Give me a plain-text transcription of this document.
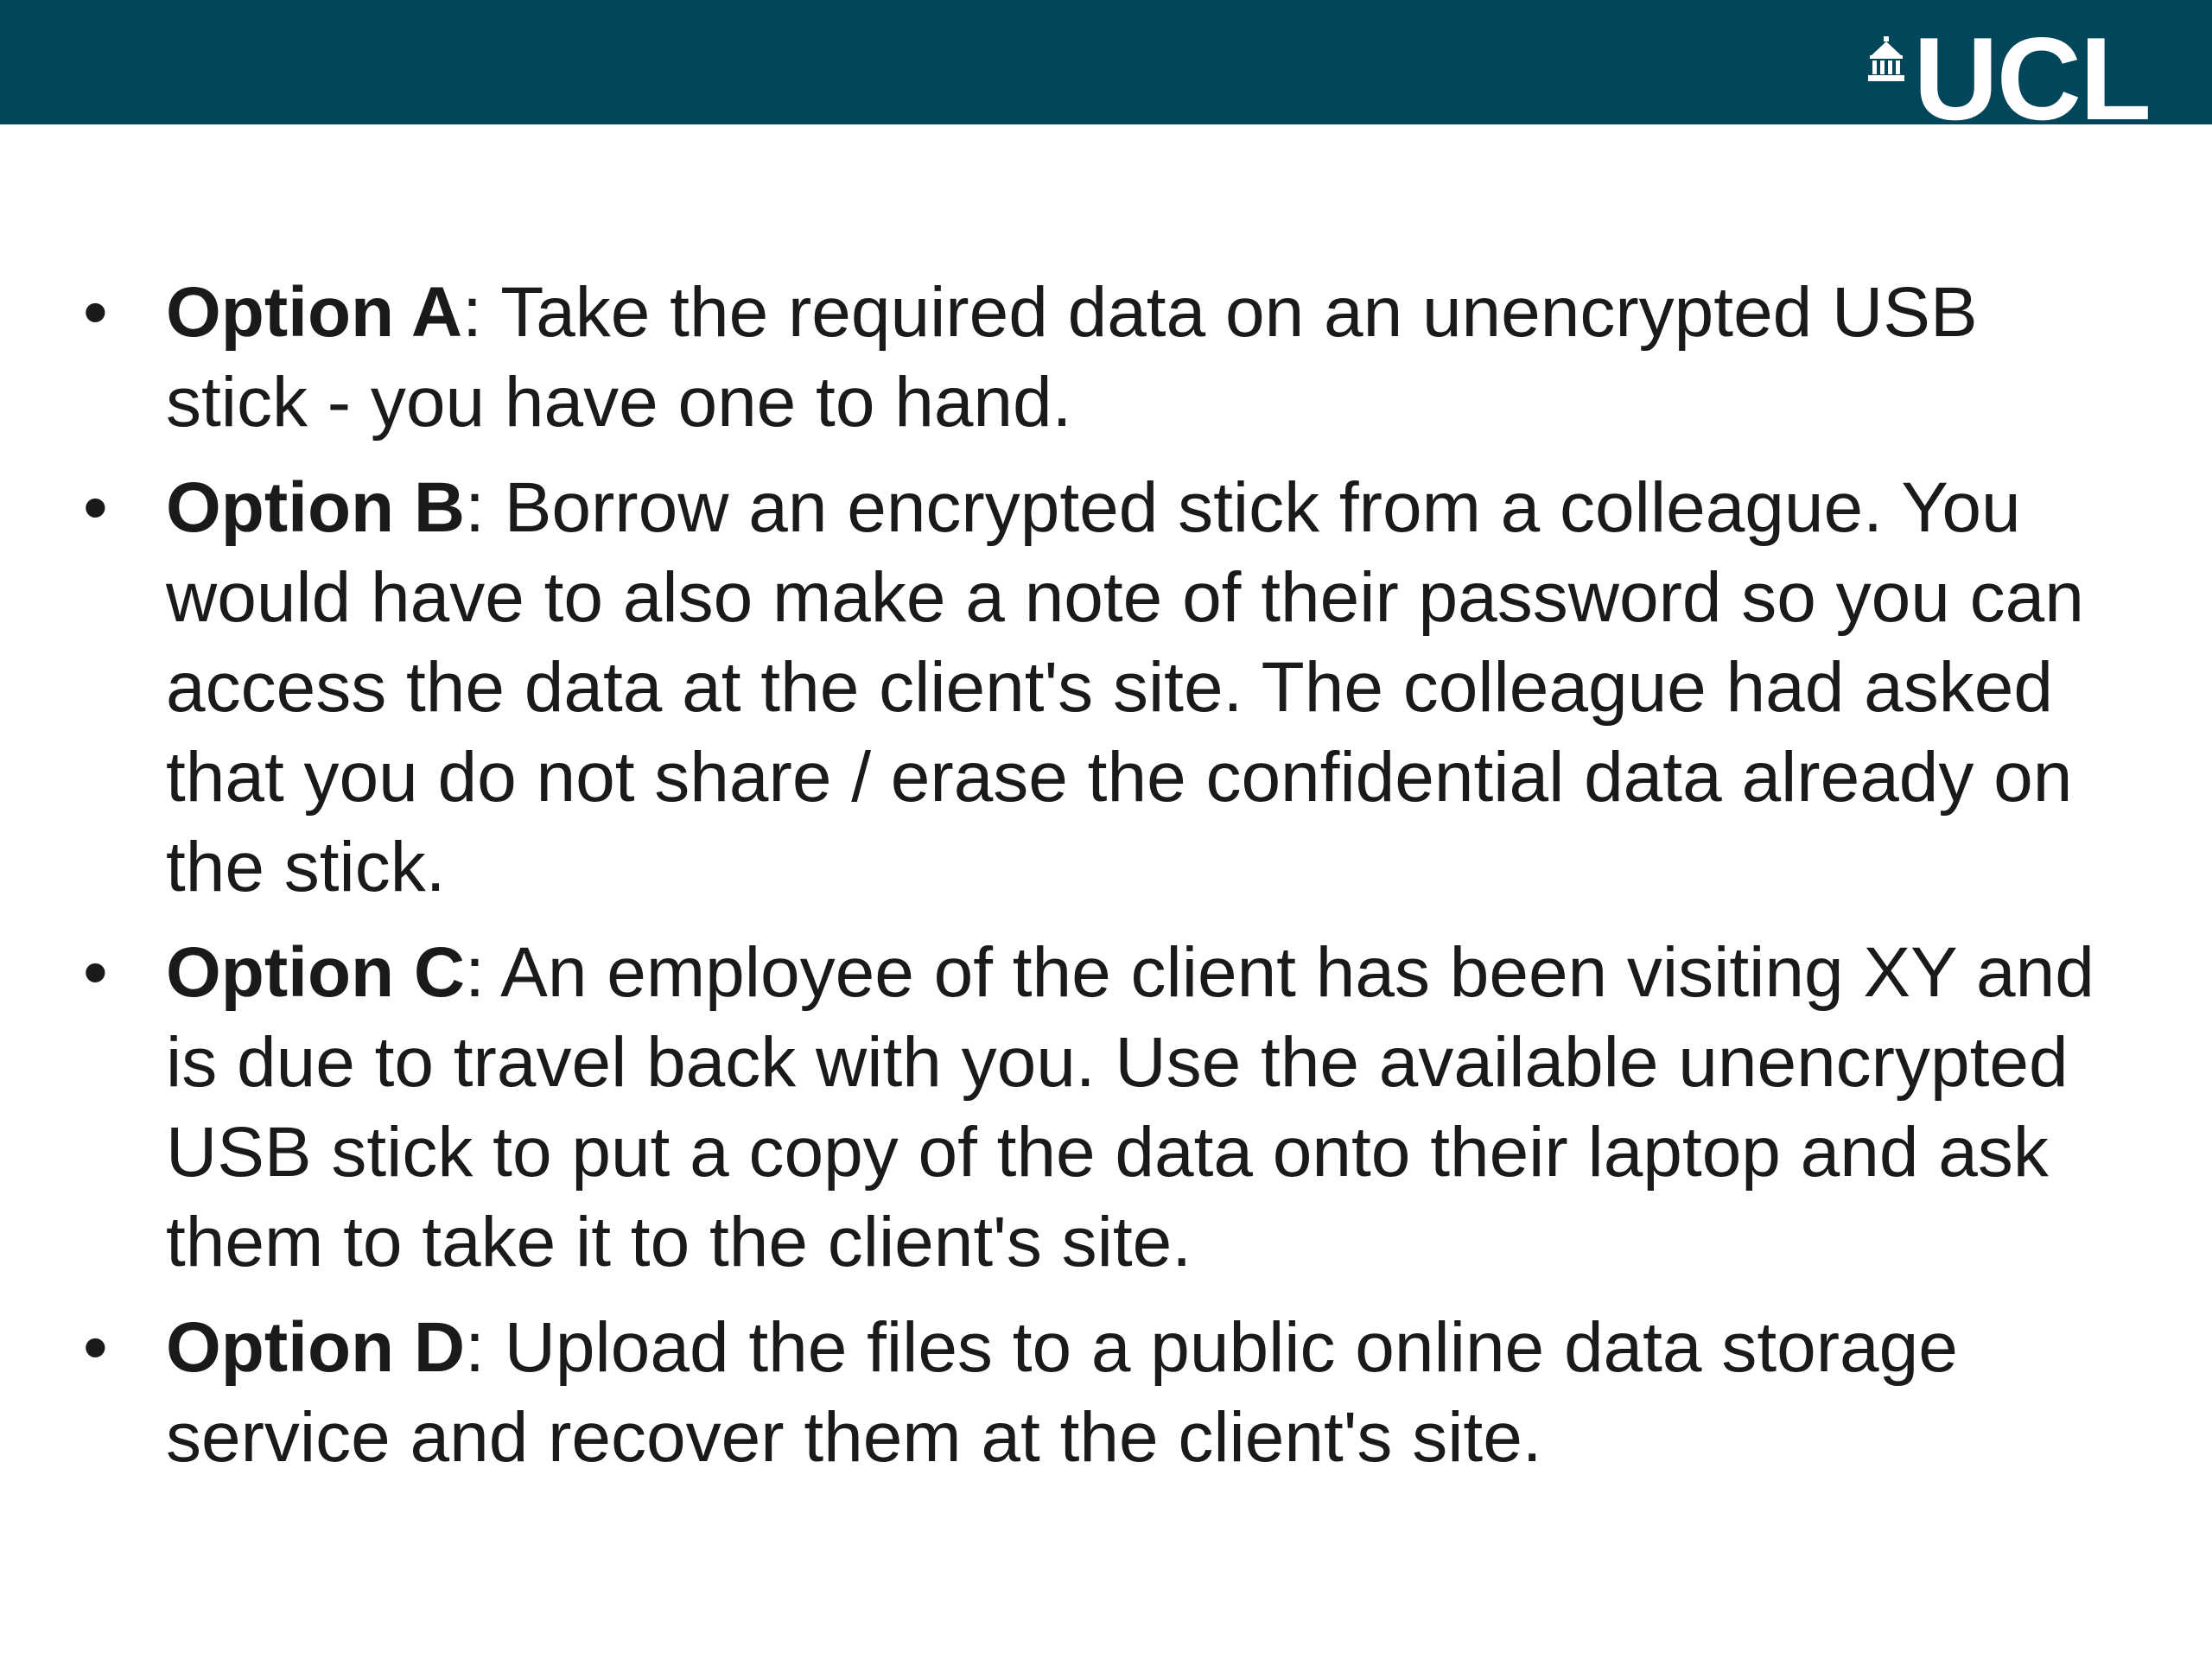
UCL
• Option A: Take the required data on an unencrypted USB stick - you have one to hand.
• Option B: Borrow an encrypted stick from a colleague. You would have to also make a note of their password so you can access the data at the client's site. The colleague had asked that you do not share / erase the confidential data already on the stick.
• Option C: An employee of the client has been visiting XY and is due to travel back with you. Use the available unencrypted USB stick to put a copy of the data onto their laptop and ask them to take it to the client's site.
• Option D: Upload the files to a public online data storage service and recover them at the client's site.
